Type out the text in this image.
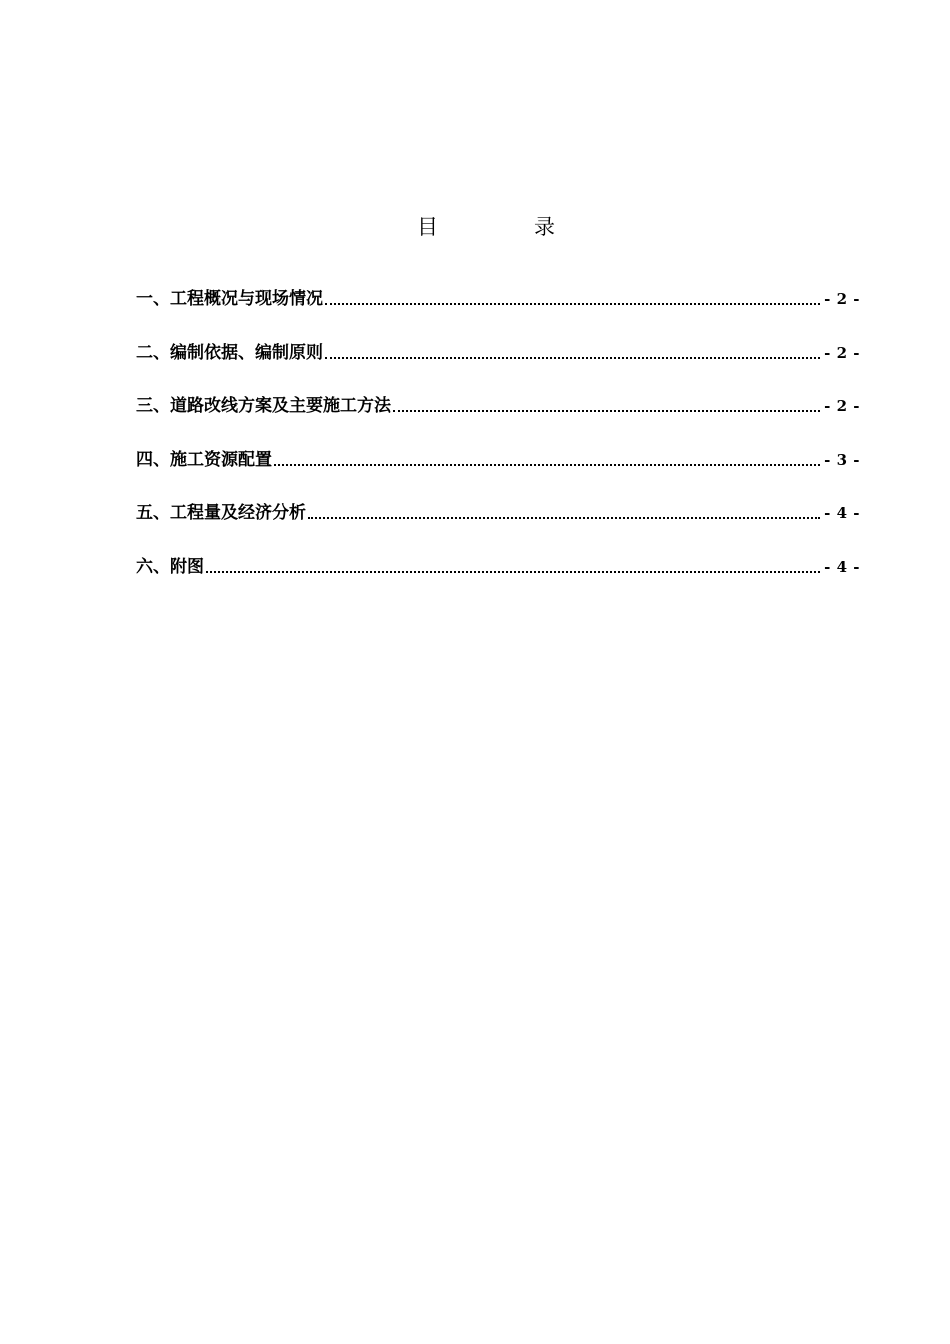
目	录
一、工程概况与现场情况	- 2 -
二、编制依据、编制原则	- 2 -
三、道路改线方案及主要施工方法	- 2 -
四、施工资源配置	- 3 -
五、工程量及经济分析	- 4 -
六、附图	- 4 -
